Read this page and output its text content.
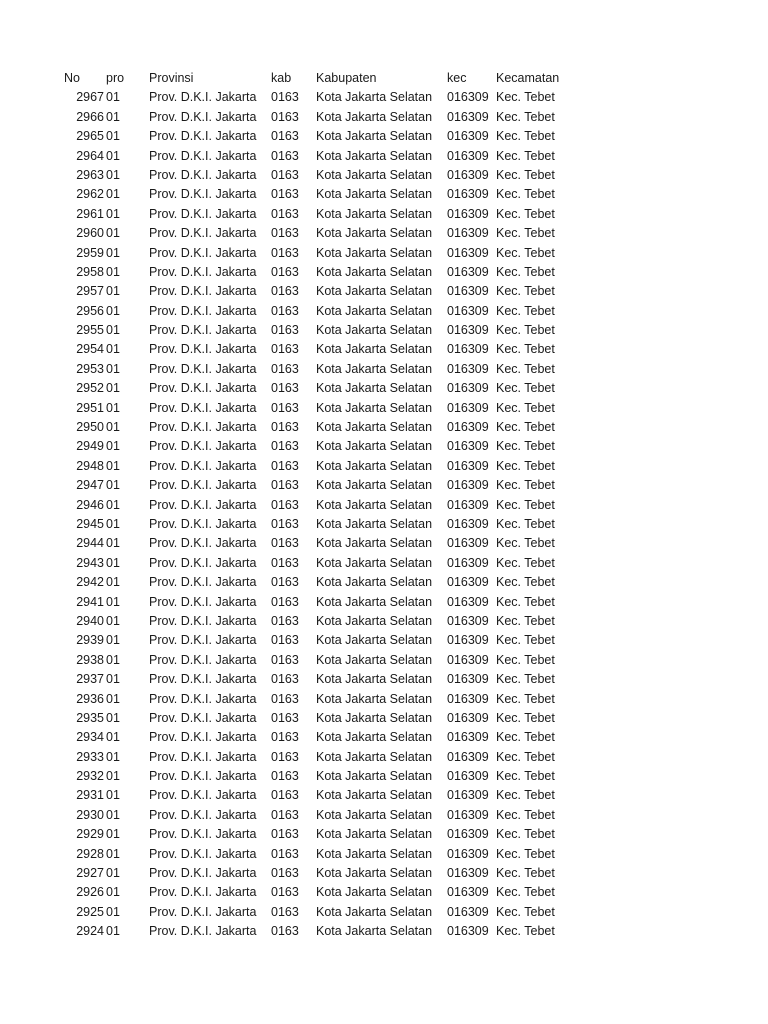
No pro Provinsi	kab Kabupaten	kec Kecamatan
2967 01 Prov. D.K.I. Jakarta 0163 Kota Jakarta Selatan 016309 Kec. Tebet
2966 01 Prov. D.K.I. Jakarta 0163 Kota Jakarta Selatan 016309 Kec. Tebet
2965 01 Prov. D.K.I. Jakarta 0163 Kota Jakarta Selatan 016309 Kec. Tebet
2964 01 Prov. D.K.I. Jakarta 0163 Kota Jakarta Selatan 016309 Kec. Tebet
2963 01 Prov. D.K.I. Jakarta 0163 Kota Jakarta Selatan 016309 Kec. Tebet
2962 01 Prov. D.K.I. Jakarta 0163 Kota Jakarta Selatan 016309 Kec. Tebet
2961 01 Prov. D.K.I. Jakarta 0163 Kota Jakarta Selatan 016309 Kec. Tebet
2960 01 Prov. D.K.I. Jakarta 0163 Kota Jakarta Selatan 016309 Kec. Tebet
2959 01 Prov. D.K.I. Jakarta 0163 Kota Jakarta Selatan 016309 Kec. Tebet
2958 01 Prov. D.K.I. Jakarta 0163 Kota Jakarta Selatan 016309 Kec. Tebet
2957 01 Prov. D.K.I. Jakarta 0163 Kota Jakarta Selatan 016309 Kec. Tebet
2956 01 Prov. D.K.I. Jakarta 0163 Kota Jakarta Selatan 016309 Kec. Tebet
2955 01 Prov. D.K.I. Jakarta 0163 Kota Jakarta Selatan 016309 Kec. Tebet
2954 01 Prov. D.K.I. Jakarta 0163 Kota Jakarta Selatan 016309 Kec. Tebet
2953 01 Prov. D.K.I. Jakarta 0163 Kota Jakarta Selatan 016309 Kec. Tebet
2952 01 Prov. D.K.I. Jakarta 0163 Kota Jakarta Selatan 016309 Kec. Tebet
2951 01 Prov. D.K.I. Jakarta 0163 Kota Jakarta Selatan 016309 Kec. Tebet
2950 01 Prov. D.K.I. Jakarta 0163 Kota Jakarta Selatan 016309 Kec. Tebet
2949 01 Prov. D.K.I. Jakarta 0163 Kota Jakarta Selatan 016309 Kec. Tebet
2948 01 Prov. D.K.I. Jakarta 0163 Kota Jakarta Selatan 016309 Kec. Tebet
2947 01 Prov. D.K.I. Jakarta 0163 Kota Jakarta Selatan 016309 Kec. Tebet
2946 01 Prov. D.K.I. Jakarta 0163 Kota Jakarta Selatan 016309 Kec. Tebet
2945 01 Prov. D.K.I. Jakarta 0163 Kota Jakarta Selatan 016309 Kec. Tebet
2944 01 Prov. D.K.I. Jakarta 0163 Kota Jakarta Selatan 016309 Kec. Tebet
2943 01 Prov. D.K.I. Jakarta 0163 Kota Jakarta Selatan 016309 Kec. Tebet
2942 01 Prov. D.K.I. Jakarta 0163 Kota Jakarta Selatan 016309 Kec. Tebet
2941 01 Prov. D.K.I. Jakarta 0163 Kota Jakarta Selatan 016309 Kec. Tebet
2940 01 Prov. D.K.I. Jakarta 0163 Kota Jakarta Selatan 016309 Kec. Tebet
2939 01 Prov. D.K.I. Jakarta 0163 Kota Jakarta Selatan 016309 Kec. Tebet
2938 01 Prov. D.K.I. Jakarta 0163 Kota Jakarta Selatan 016309 Kec. Tebet
2937 01 Prov. D.K.I. Jakarta 0163 Kota Jakarta Selatan 016309 Kec. Tebet
2936 01 Prov. D.K.I. Jakarta 0163 Kota Jakarta Selatan 016309 Kec. Tebet
2935 01 Prov. D.K.I. Jakarta 0163 Kota Jakarta Selatan 016309 Kec. Tebet
2934 01 Prov. D.K.I. Jakarta 0163 Kota Jakarta Selatan 016309 Kec. Tebet
2933 01 Prov. D.K.I. Jakarta 0163 Kota Jakarta Selatan 016309 Kec. Tebet
2932 01 Prov. D.K.I. Jakarta 0163 Kota Jakarta Selatan 016309 Kec. Tebet
2931 01 Prov. D.K.I. Jakarta 0163 Kota Jakarta Selatan 016309 Kec. Tebet
2930 01 Prov. D.K.I. Jakarta 0163 Kota Jakarta Selatan 016309 Kec. Tebet
2929 01 Prov. D.K.I. Jakarta 0163 Kota Jakarta Selatan 016309 Kec. Tebet
2928 01 Prov. D.K.I. Jakarta 0163 Kota Jakarta Selatan 016309 Kec. Tebet
2927 01 Prov. D.K.I. Jakarta 0163 Kota Jakarta Selatan 016309 Kec. Tebet
2926 01 Prov. D.K.I. Jakarta 0163 Kota Jakarta Selatan 016309 Kec. Tebet
2925 01 Prov. D.K.I. Jakarta 0163 Kota Jakarta Selatan 016309 Kec. Tebet
2924 01 Prov. D.K.I. Jakarta 0163 Kota Jakarta Selatan 016309 Kec. Tebet
